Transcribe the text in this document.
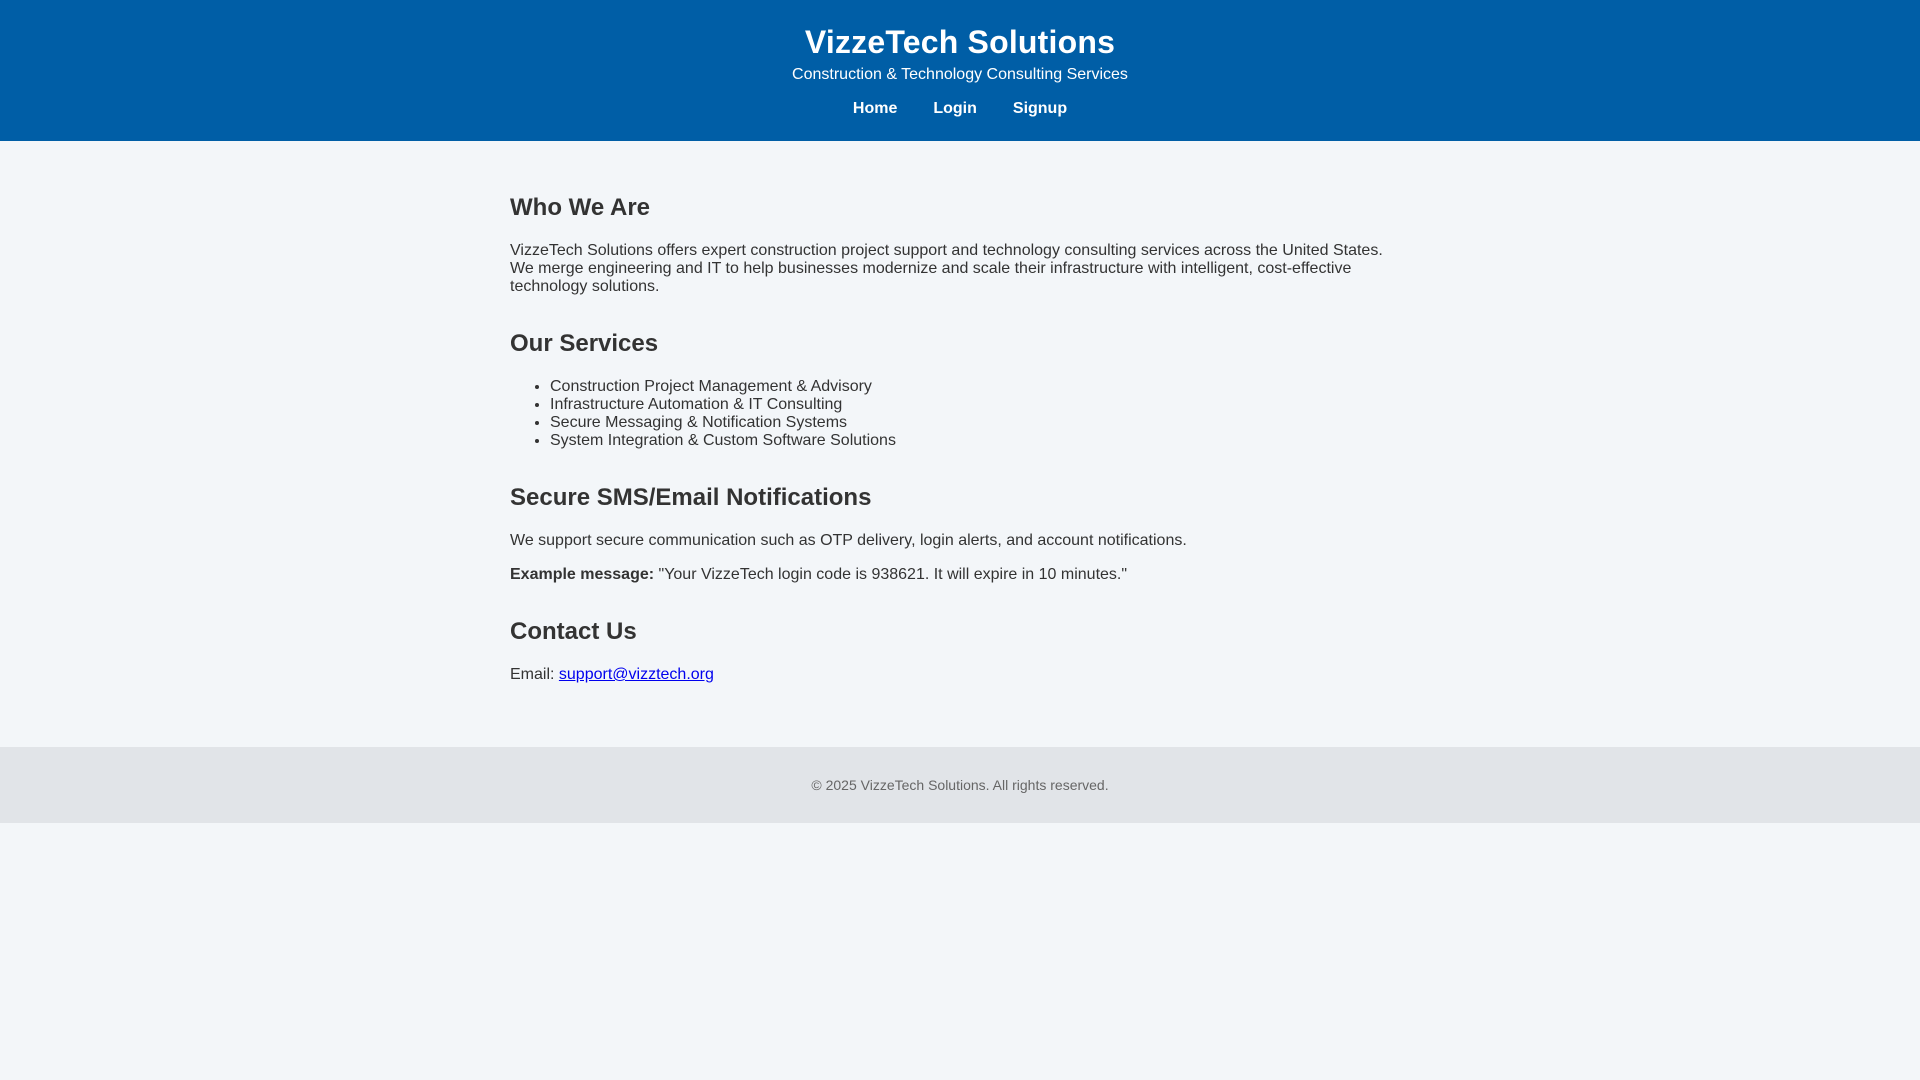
VizzeTech Solutions
Construction & Technology Consulting Services
Home Login Signup
Who We Are

VizzeTech Solutions offers expert construction project support and technology consulting services across the United States. We merge engineering and IT to help businesses modernize and scale their infrastructure with intelligent, cost-effective technology solutions.

Our Services
• Construction Project Management & Advisory
• Infrastructure Automation & IT Consulting
• Secure Messaging & Notification Systems
• System Integration & Custom Software Solutions
Secure SMS/Email Notifications

We support secure communication such as OTP delivery, login alerts, and account notifications.

Example message: "Your VizzeTech login code is 938621. It will expire in 10 minutes."

Contact Us

Email: support@vizztech.org

© 2025 VizzeTech Solutions. All rights reserved.
